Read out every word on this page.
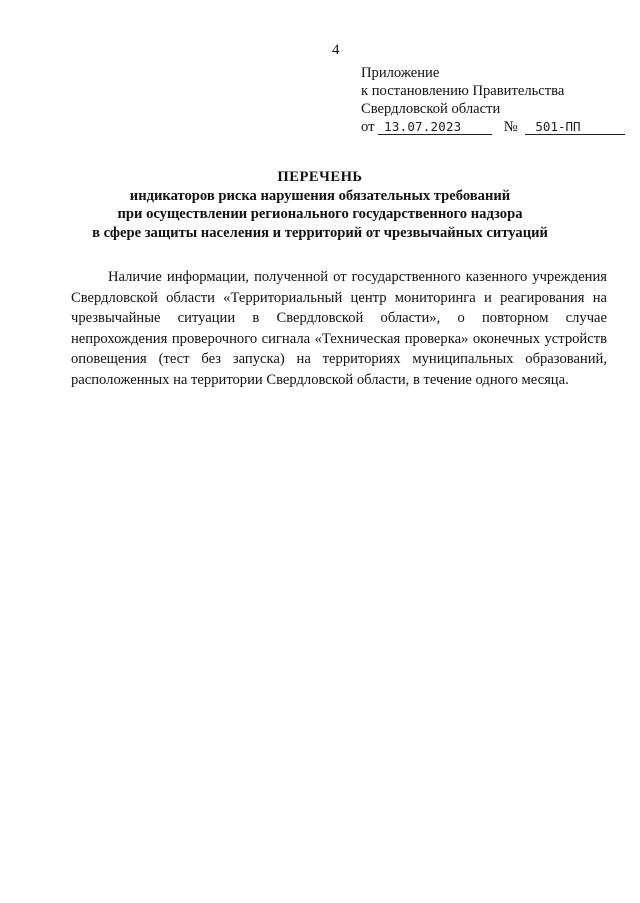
4
Приложение
к постановлению Правительства
Свердловской области
от 13.07.2023	№ 501-ПП
ПЕРЕЧЕНЬ
индикаторов риска нарушения обязательных требований
при осуществлении регионального государственного надзора
в сфере защиты населения и территорий от чрезвычайных ситуаций

Наличие информации, полученной от государственного казенного учреждения Свердловской области «Территориальный центр мониторинга и реагирования на чрезвычайные ситуации в Свердловской области», о повторном случае непрохождения проверочного сигнала «Техническая проверка» оконечных устройств оповещения (тест без запуска) на территориях муниципальных образований, расположенных на территории Свердловской области, в течение одного месяца.
